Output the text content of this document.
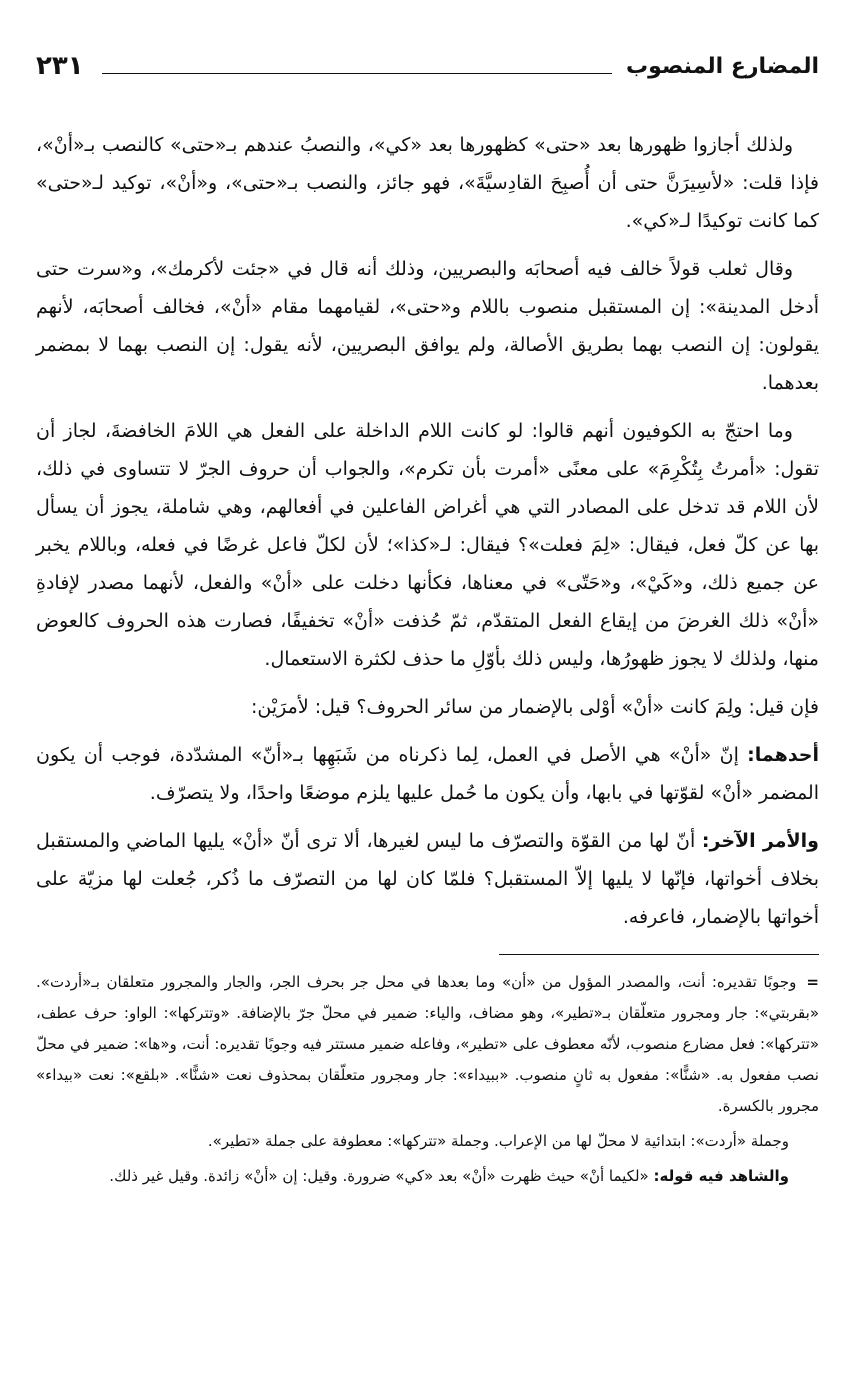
المضارع المنصوب
٢٣١

ولذلك أجازوا ظهورها بعد «حتى» كظهورها بعد «كي»، والنصبُ عندهم بـ«حتى» كالنصب بـ«أنْ»، فإذا قلت: «لأسِيرَنَّ حتى أن أُصبِحَ القادِسيَّةَ»، فهو جائز، والنصب بـ«حتى»، و«أنْ»، توكيد لـ«حتى» كما كانت توكيدًا لـ«كي».

وقال ثعلب قولاً خالف فيه أصحابَه والبصريين، وذلك أنه قال في «جئت لأكرمك»، و«سرت حتى أدخل المدينة»: إن المستقبل منصوب باللام و«حتى»، لقيامهما مقام «أنْ»، فخالف أصحابَه، لأنهم يقولون: إن النصب بهما بطريق الأصالة، ولم يوافق البصريين، لأنه يقول: إن النصب بهما لا بمضمر بعدهما.

وما احتجّ به الكوفيون أنهم قالوا: لو كانت اللام الداخلة على الفعل هي اللامَ الخافضةَ، لجاز أن تقول: «أمرتُ بِتُكْرِمَ» على معنًى «أمرت بأن تكرم»، والجواب أن حروف الجرّ لا تتساوى في ذلك، لأن اللام قد تدخل على المصادر التي هي أغراض الفاعلين في أفعالهم، وهي شاملة، يجوز أن يسأل بها عن كلّ فعل، فيقال: «لِمَ فعلت»؟ فيقال: لـ«كذا»؛ لأن لكلّ فاعل غرضًا في فعله، وباللام يخبر عن جميع ذلك، و«كَيْ»، و«حَتّى» في معناها، فكأنها دخلت على «أنْ» والفعل، لأنهما مصدر لإفادةِ «أنْ» ذلك الغرضَ من إيقاع الفعل المتقدّم، ثمّ حُذفت «أنْ» تخفيفًا، فصارت هذه الحروف كالعوض منها، ولذلك لا يجوز ظهورُها، وليس ذلك بأوّلِ ما حذف لكثرة الاستعمال.

فإن قيل: ولِمَ كانت «أنْ» أوْلى بالإضمار من سائر الحروف؟ قيل: لأمرَيْن:

أحدهما: إنّ «أنْ» هي الأصل في العمل، لِما ذكرناه من شَبَهِها بـ«أنّ» المشدّدة، فوجب أن يكون المضمر «أنْ» لقوّتها في بابها، وأن يكون ما حُمل عليها يلزم موضعًا واحدًا، ولا يتصرّف.

والأمر الآخر: أنّ لها من القوّة والتصرّف ما ليس لغيرها، ألا ترى أنّ «أنْ» يليها الماضي والمستقبل بخلاف أخواتها، فإنّها لا يليها إلاّ المستقبل؟ فلمّا كان لها من التصرّف ما ذُكر، جُعلت لها مزيّة على أخواتها بالإضمار، فاعرفه.

=وجوبًا تقديره: أنت، والمصدر المؤول من «أن» وما بعدها في محل جر بحرف الجر، والجار والمجرور متعلقان بـ«أردت». «بقربتي»: جار ومجرور متعلّقان بـ«تطير»، وهو مضاف، والياء: ضمير في محلّ جرّ بالإضافة. «وتتركها»: الواو: حرف عطف، «تتركها»: فعل مضارع منصوب، لأنّه معطوف على «تطير»، وفاعله ضمير مستتر فيه وجوبًا تقديره: أنت، و«ها»: ضمير في محلّ نصب مفعول به. «شنًّا»: مفعول به ثانٍ منصوب. «ببيداء»: جار ومجرور متعلّقان بمحذوف نعت «شنًّا». «بلقع»: نعت «بيداء» مجرور بالكسرة.

وجملة «أردت»: ابتدائية لا محلّ لها من الإعراب. وجملة «تتركها»: معطوفة على جملة «تطير».

والشاهد فيه قوله: «لكيما أنْ» حيث ظهرت «أنْ» بعد «كي» ضرورة. وقيل: إن «أنْ» زائدة. وقيل غير ذلك.
